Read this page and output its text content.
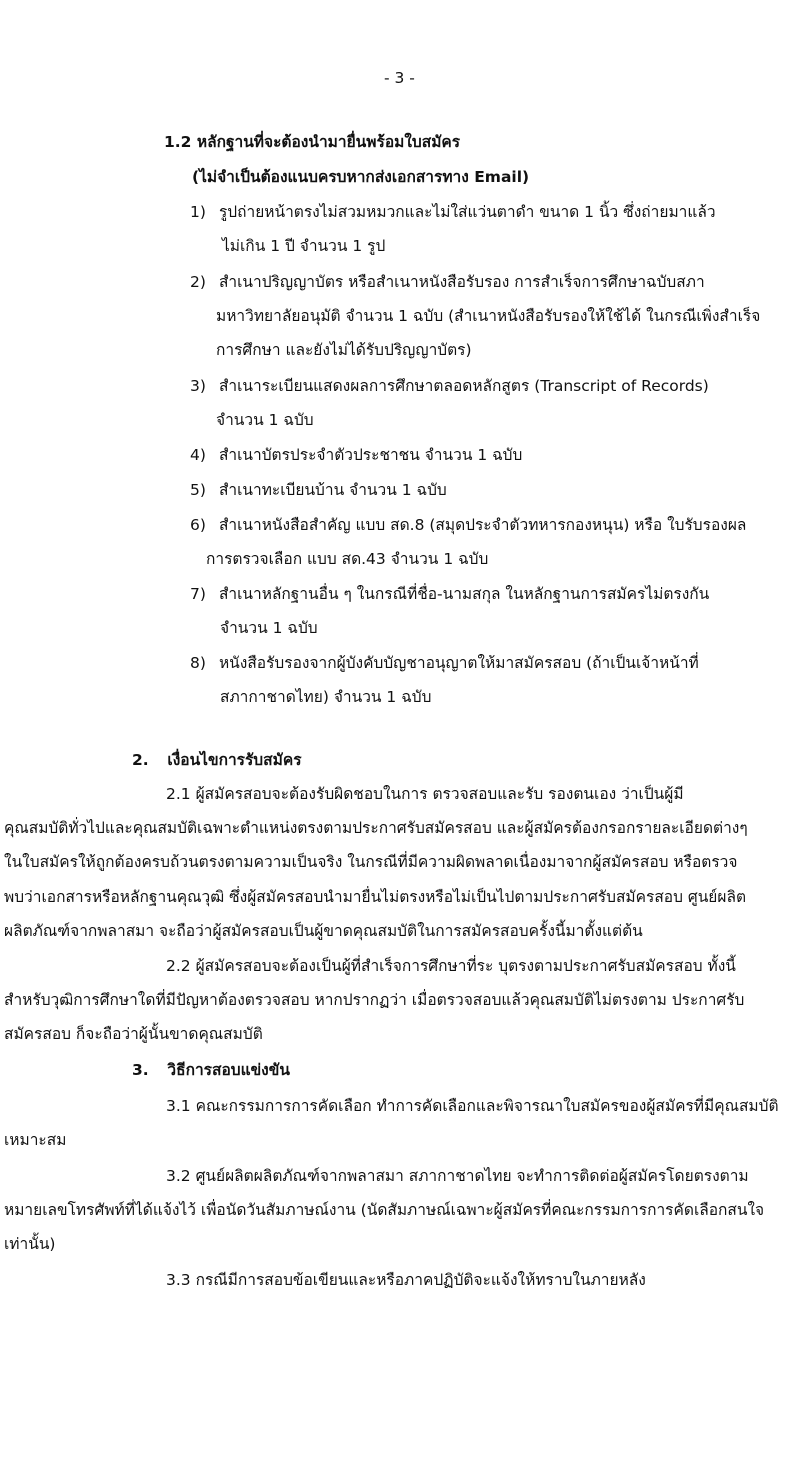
- 3 -
1.2 หลักฐานที่จะต้องนำมายื่นพร้อมใบสมัคร
(ไม่จำเป็นต้องแนบครบหากส่งเอกสารทาง Email)
1) รูปถ่ายหน้าตรงไม่สวมหมวกและไม่ใส่แว่นตาดำ ขนาด 1 นิ้ว ซึ่งถ่ายมาแล้ว
ไม่เกิน 1 ปี จำนวน 1 รูป
2) สำเนาปริญญาบัตร หรือสำเนาหนังสือรับรอง การสำเร็จการศึกษาฉบับสภา
มหาวิทยาลัยอนุมัติ จำนวน 1 ฉบับ (สำเนาหนังสือรับรองให้ใช้ได้ ในกรณีเพิ่งสำเร็จ
การศึกษา และยังไม่ได้รับปริญญาบัตร)
3) สำเนาระเบียนแสดงผลการศึกษาตลอดหลักสูตร (Transcript of Records)
จำนวน 1 ฉบับ
4) สำเนาบัตรประจำตัวประชาชน จำนวน 1 ฉบับ
5) สำเนาทะเบียนบ้าน จำนวน 1 ฉบับ
6) สำเนาหนังสือสำคัญ แบบ สด.8 (สมุดประจำตัวทหารกองหนุน) หรือ ใบรับรองผล
การตรวจเลือก แบบ สด.43 จำนวน 1 ฉบับ
7) สำเนาหลักฐานอื่น ๆ ในกรณีที่ชื่อ-นามสกุล ในหลักฐานการสมัครไม่ตรงกัน
จำนวน 1 ฉบับ
8) หนังสือรับรองจากผู้บังคับบัญชาอนุญาตให้มาสมัครสอบ (ถ้าเป็นเจ้าหน้าที่
สภากาชาดไทย) จำนวน 1 ฉบับ
2. เงื่อนไขการรับสมัคร
2.1 ผู้สมัครสอบจะต้องรับผิดชอบในการ ตรวจสอบและรับ รองตนเอง ว่าเป็นผู้มี
คุณสมบัติทั่วไปและคุณสมบัติเฉพาะตำแหน่งตรงตามประกาศรับสมัครสอบ และผู้สมัครต้องกรอกรายละเอียดต่างๆ
ในใบสมัครให้ถูกต้องครบถ้วนตรงตามความเป็นจริง ในกรณีที่มีความผิดพลาดเนื่องมาจากผู้สมัครสอบ หรือตรวจ
พบว่าเอกสารหรือหลักฐานคุณวุฒิ ซึ่งผู้สมัครสอบนำมายื่นไม่ตรงหรือไม่เป็นไปตามประกาศรับสมัครสอบ ศูนย์ผลิต
ผลิตภัณฑ์จากพลาสมา จะถือว่าผู้สมัครสอบเป็นผู้ขาดคุณสมบัติในการสมัครสอบครั้งนี้มาตั้งแต่ต้น
2.2 ผู้สมัครสอบจะต้องเป็นผู้ที่สำเร็จการศึกษาที่ระ บุตรงตามประกาศรับสมัครสอบ ทั้งนี้
สำหรับวุฒิการศึกษาใดที่มีปัญหาต้องตรวจสอบ หากปรากฏว่า เมื่อตรวจสอบแล้วคุณสมบัติไม่ตรงตาม ประกาศรับ
สมัครสอบ ก็จะถือว่าผู้นั้นขาดคุณสมบัติ
3. วิธีการสอบแข่งขัน
3.1 คณะกรรมการการคัดเลือก ทำการคัดเลือกและพิจารณาใบสมัครของผู้สมัครที่มีคุณสมบัติ
เหมาะสม
3.2 ศูนย์ผลิตผลิตภัณฑ์จากพลาสมา สภากาชาดไทย จะทำการติดต่อผู้สมัครโดยตรงตาม
หมายเลขโทรศัพท์ที่ได้แจ้งไว้ เพื่อนัดวันสัมภาษณ์งาน (นัดสัมภาษณ์เฉพาะผู้สมัครที่คณะกรรมการการคัดเลือกสนใจ
เท่านั้น)
3.3 กรณีมีการสอบข้อเขียนและหรือภาคปฏิบัติจะแจ้งให้ทราบในภายหลัง
